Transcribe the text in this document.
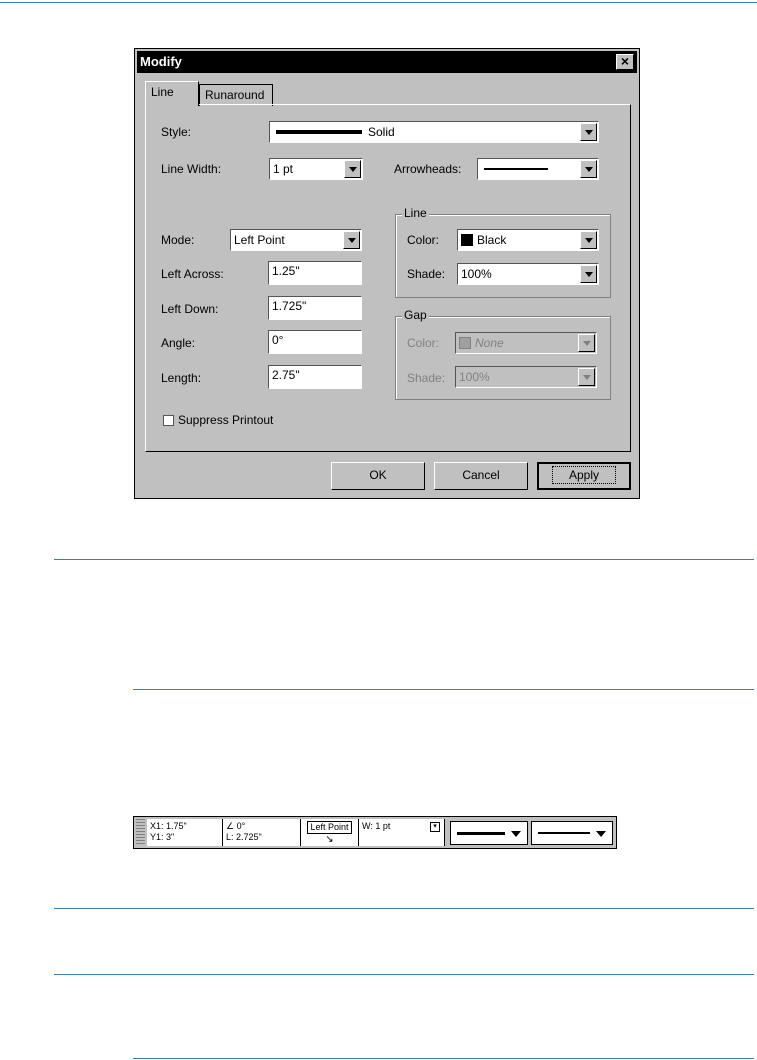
Modify	×
Line	Runaround
Style:	Solid
Line Width:	1 pt	Arrowheads:
Mode:	Left Point
Left Across:	1.25"
Left Down:	1.725"
Angle:	0°
Length:	2.75"
Line
Color:	Black
Shade: 100%
Gap
Color:	None
Shade: 100%
Suppress Printout
OK	Cancel	Apply
X1: 1.75"
Y1: 3"
∠ 0°
L: 2.725"
Left Point
↘
W: 1 pt	▾
